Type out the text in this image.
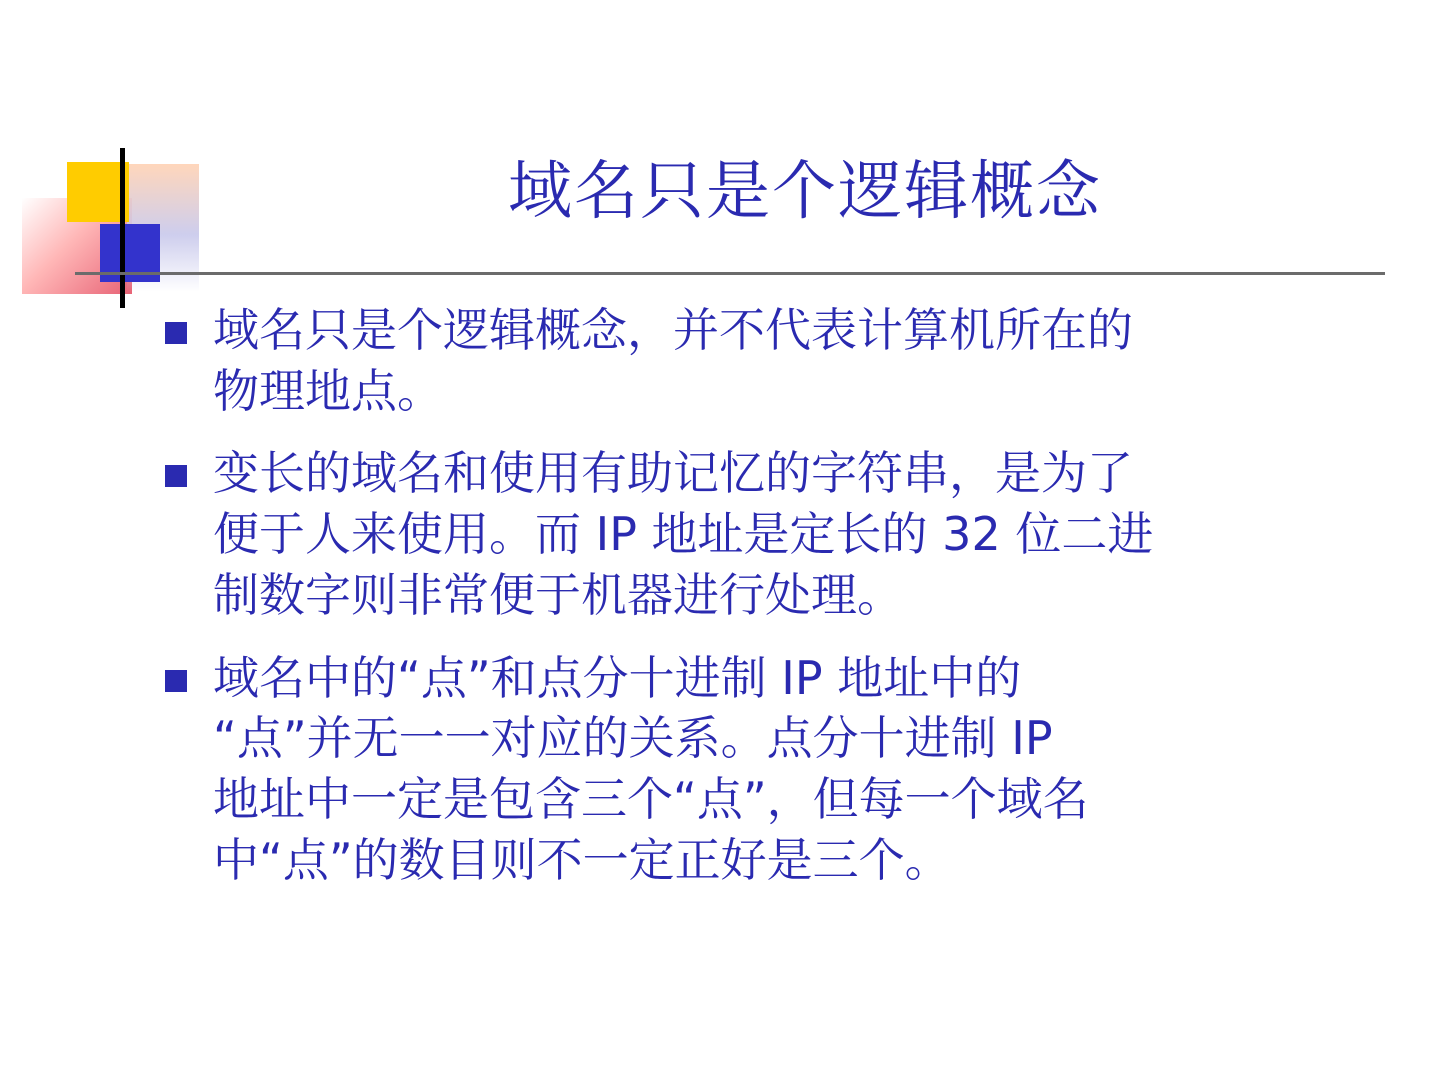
域名只是个逻辑概念
域名只是个逻辑概念，并不代表计算机所在的
物理地点。
变长的域名和使用有助记忆的字符串，是为了
便于人来使用。而 IP 地址是定长的 32 位二进
制数字则非常便于机器进行处理。
域名中的“点”和点分十进制 IP 地址中的
“点”并无一一对应的关系。点分十进制 IP
地址中一定是包含三个“点”，但每一个域名
中“点”的数目则不一定正好是三个。
